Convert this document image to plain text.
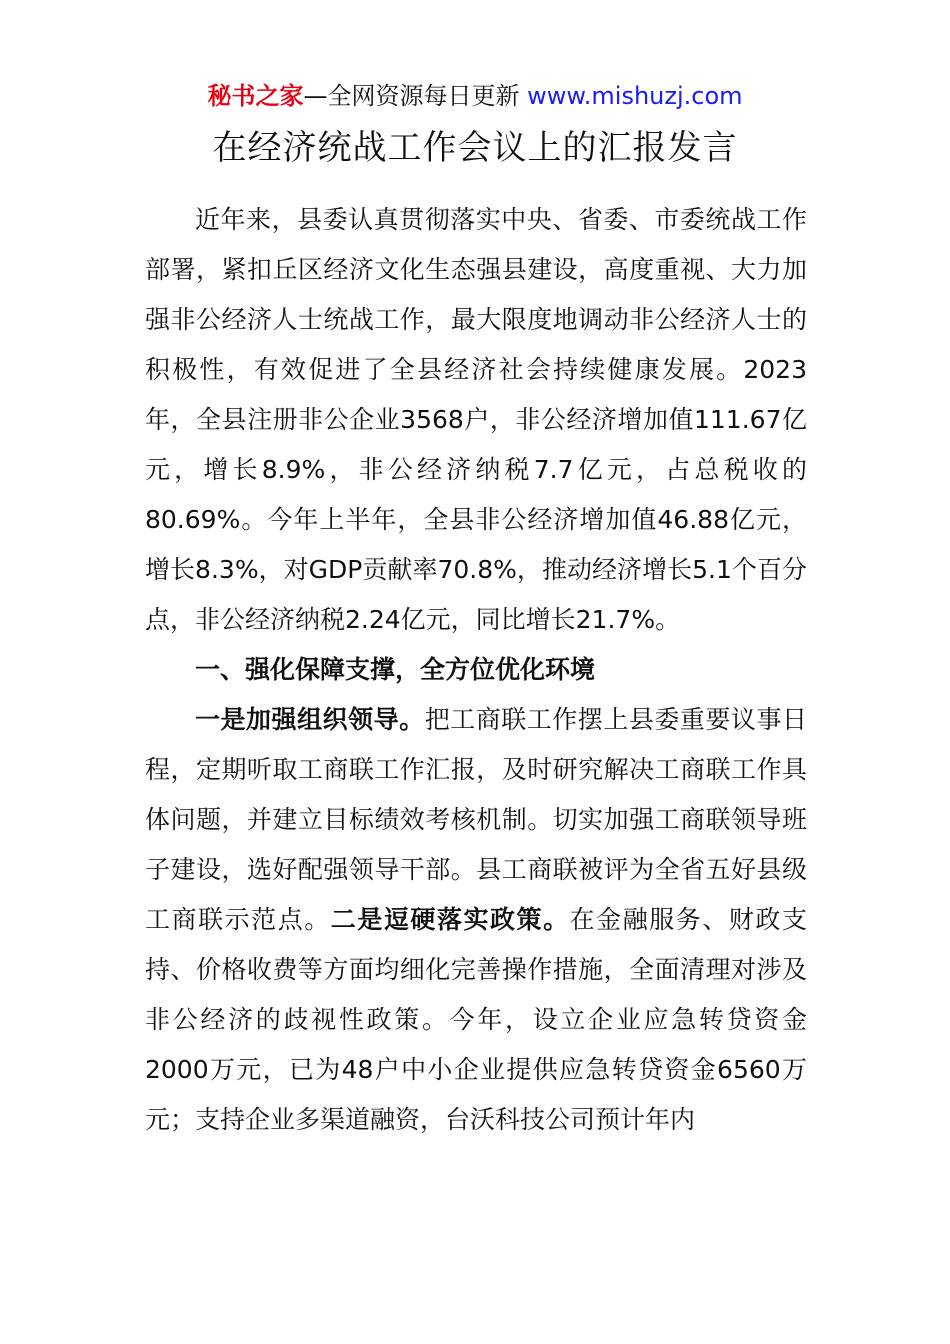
秘书之家—全网资源每日更新 www.mishuzj.com
在经济统战工作会议上的汇报发言

近年来，县委认真贯彻落实中央、省委、市委统战工作部署，紧扣丘区经济文化生态强县建设，高度重视、大力加强非公经济人士统战工作，最大限度地调动非公经济人士的积极性，有效促进了全县经济社会持续健康发展。2023年，全县注册非公企业3568户，非公经济增加值111.67亿元，增长8.9%，非公经济纳税7.7亿元，占总税收的80.69%。今年上半年，全县非公经济增加值46.88亿元，增长8.3%，对GDP贡献率70.8%，推动经济增长5.1个百分点，非公经济纳税2.24亿元，同比增长21.7%。

一、强化保障支撑，全方位优化环境

一是加强组织领导。把工商联工作摆上县委重要议事日程，定期听取工商联工作汇报，及时研究解决工商联工作具体问题，并建立目标绩效考核机制。切实加强工商联领导班子建设，选好配强领导干部。县工商联被评为全省五好县级工商联示范点。二是逗硬落实政策。在金融服务、财政支持、价格收费等方面均细化完善操作措施，全面清理对涉及非公经济的歧视性政策。今年，设立企业应急转贷资金2000万元，已为48户中小企业提供应急转贷资金6560万元；支持企业多渠道融资，台沃科技公司预计年内
